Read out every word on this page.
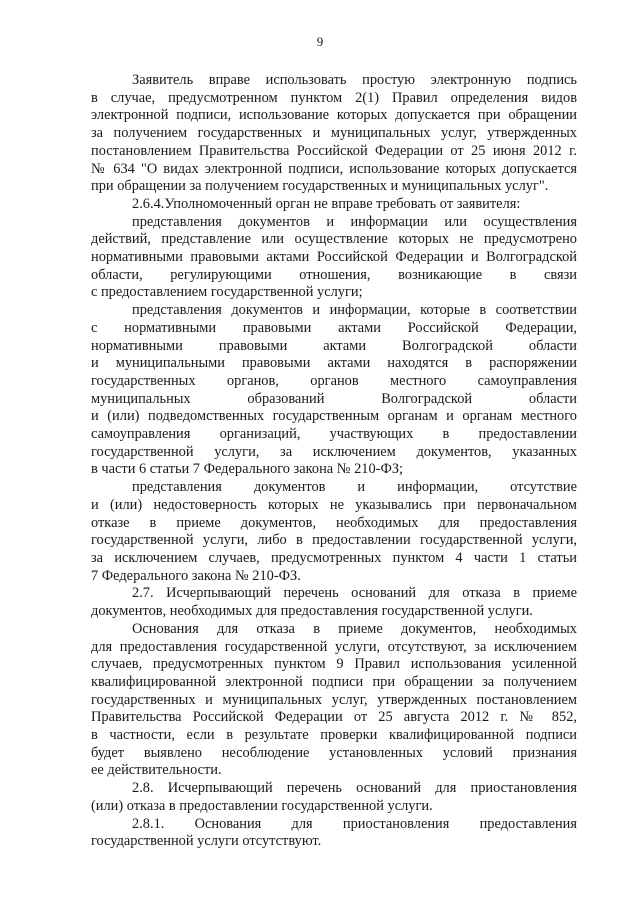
9

Заявитель вправе использовать простую электронную подпись
в случае, предусмотренном пунктом 2(1) Правил определения видов
электронной подписи, использование которых допускается при обращении
за получением государственных и муниципальных услуг, утвержденных
постановлением Правительства Российской Федерации от 25 июня 2012 г.
№ 634 "О видах электронной подписи, использование которых допускается
при обращении за получением государственных и муниципальных услуг".

2.6.4.Уполномоченный орган не вправе требовать от заявителя:

представления документов и информации или осуществления
действий, представление или осуществление которых не предусмотрено
нормативными правовыми актами Российской Федерации и Волгоградской
области, регулирующими отношения, возникающие в связи
с предоставлением государственной услуги;

представления документов и информации, которые в соответствии
с нормативными правовыми актами Российской Федерации,
нормативными правовыми актами Волгоградской области
и муниципальными правовыми актами находятся в распоряжении
государственных органов, органов местного самоуправления
муниципальных образований Волгоградской области
и (или) подведомственных государственным органам и органам местного
самоуправления организаций, участвующих в предоставлении
государственной услуги, за исключением документов, указанных
в части 6 статьи 7 Федерального закона № 210-ФЗ;

представления документов и информации, отсутствие
и (или) недостоверность которых не указывались при первоначальном
отказе в приеме документов, необходимых для предоставления
государственной услуги, либо в предоставлении государственной услуги,
за исключением случаев, предусмотренных пунктом 4 части 1 статьи
7 Федерального закона № 210-ФЗ.

2.7. Исчерпывающий перечень оснований для отказа в приеме
документов, необходимых для предоставления государственной услуги.

Основания для отказа в приеме документов, необходимых
для предоставления государственной услуги, отсутствуют, за исключением
случаев, предусмотренных пунктом 9 Правил использования усиленной
квалифицированной электронной подписи при обращении за получением
государственных и муниципальных услуг, утвержденных постановлением
Правительства Российской Федерации от 25 августа 2012 г. № 852,
в частности, если в результате проверки квалифицированной подписи
будет выявлено несоблюдение установленных условий признания
ее действительности.

2.8. Исчерпывающий перечень оснований для приостановления
(или) отказа в предоставлении государственной услуги.

2.8.1. Основания для приостановления предоставления
государственной услуги отсутствуют.
